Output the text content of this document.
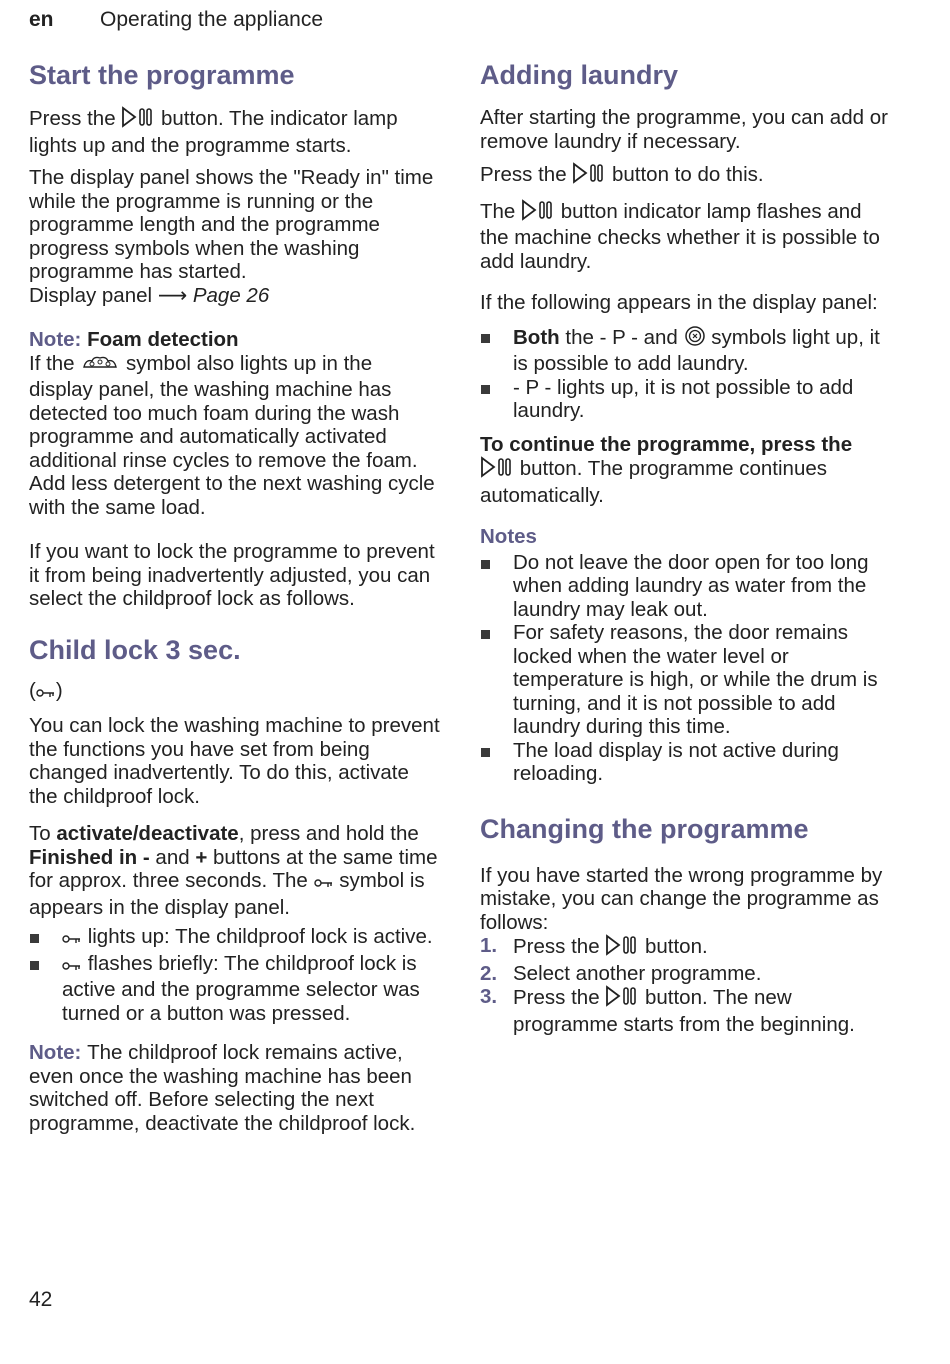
en Operating the appliance
Start the programme

Press the  button. The indicator lamp lights up and the programme starts.

The display panel shows the "Ready in" time while the programme is running or the programme length and the programme progress symbols when the washing programme has started.
Display panel ⟶ Page 26

Note: Foam detection
If the  symbol also lights up in the display panel, the washing machine has detected too much foam during the wash programme and automatically activated additional rinse cycles to remove the foam.
Add less detergent to the next washing cycle with the same load.

If you want to lock the programme to prevent it from being inadvertently adjusted, you can select the childproof lock as follows.

Child lock 3 sec.

( )

You can lock the washing machine to prevent the functions you have set from being changed inadvertently. To do this, activate the childproof lock.

To activate/deactivate, press and hold the Finished in - and + buttons at the same time for approx. three seconds. The  symbol is appears in the display panel.

lights up: The childproof lock is active.
flashes briefly: The childproof lock is active and the programme selector was turned or a button was pressed.

Note: The childproof lock remains active, even once the washing machine has been switched off. Before selecting the next programme, deactivate the childproof lock.

Adding laundry

After starting the programme, you can add or remove laundry if necessary.

Press the  button to do this.

The  button indicator lamp flashes and the machine checks whether it is possible to add laundry.

If the following appears in the display panel:

Both the - P - and  symbols light up, it is possible to add laundry.
- P - lights up, it is not possible to add laundry.

To continue the programme, press the
button. The programme continues automatically.

Notes
Do not leave the door open for too long when adding laundry as water from the laundry may leak out.
For safety reasons, the door remains locked when the water level or temperature is high, or while the drum is turning, and it is not possible to add laundry during this time.
The load display is not active during reloading.
Changing the programme

If you have started the wrong programme by mistake, you can change the programme as follows:

1. Press the  button.
2. Select another programme.
3. Press the  button. The new programme starts from the beginning.
42
